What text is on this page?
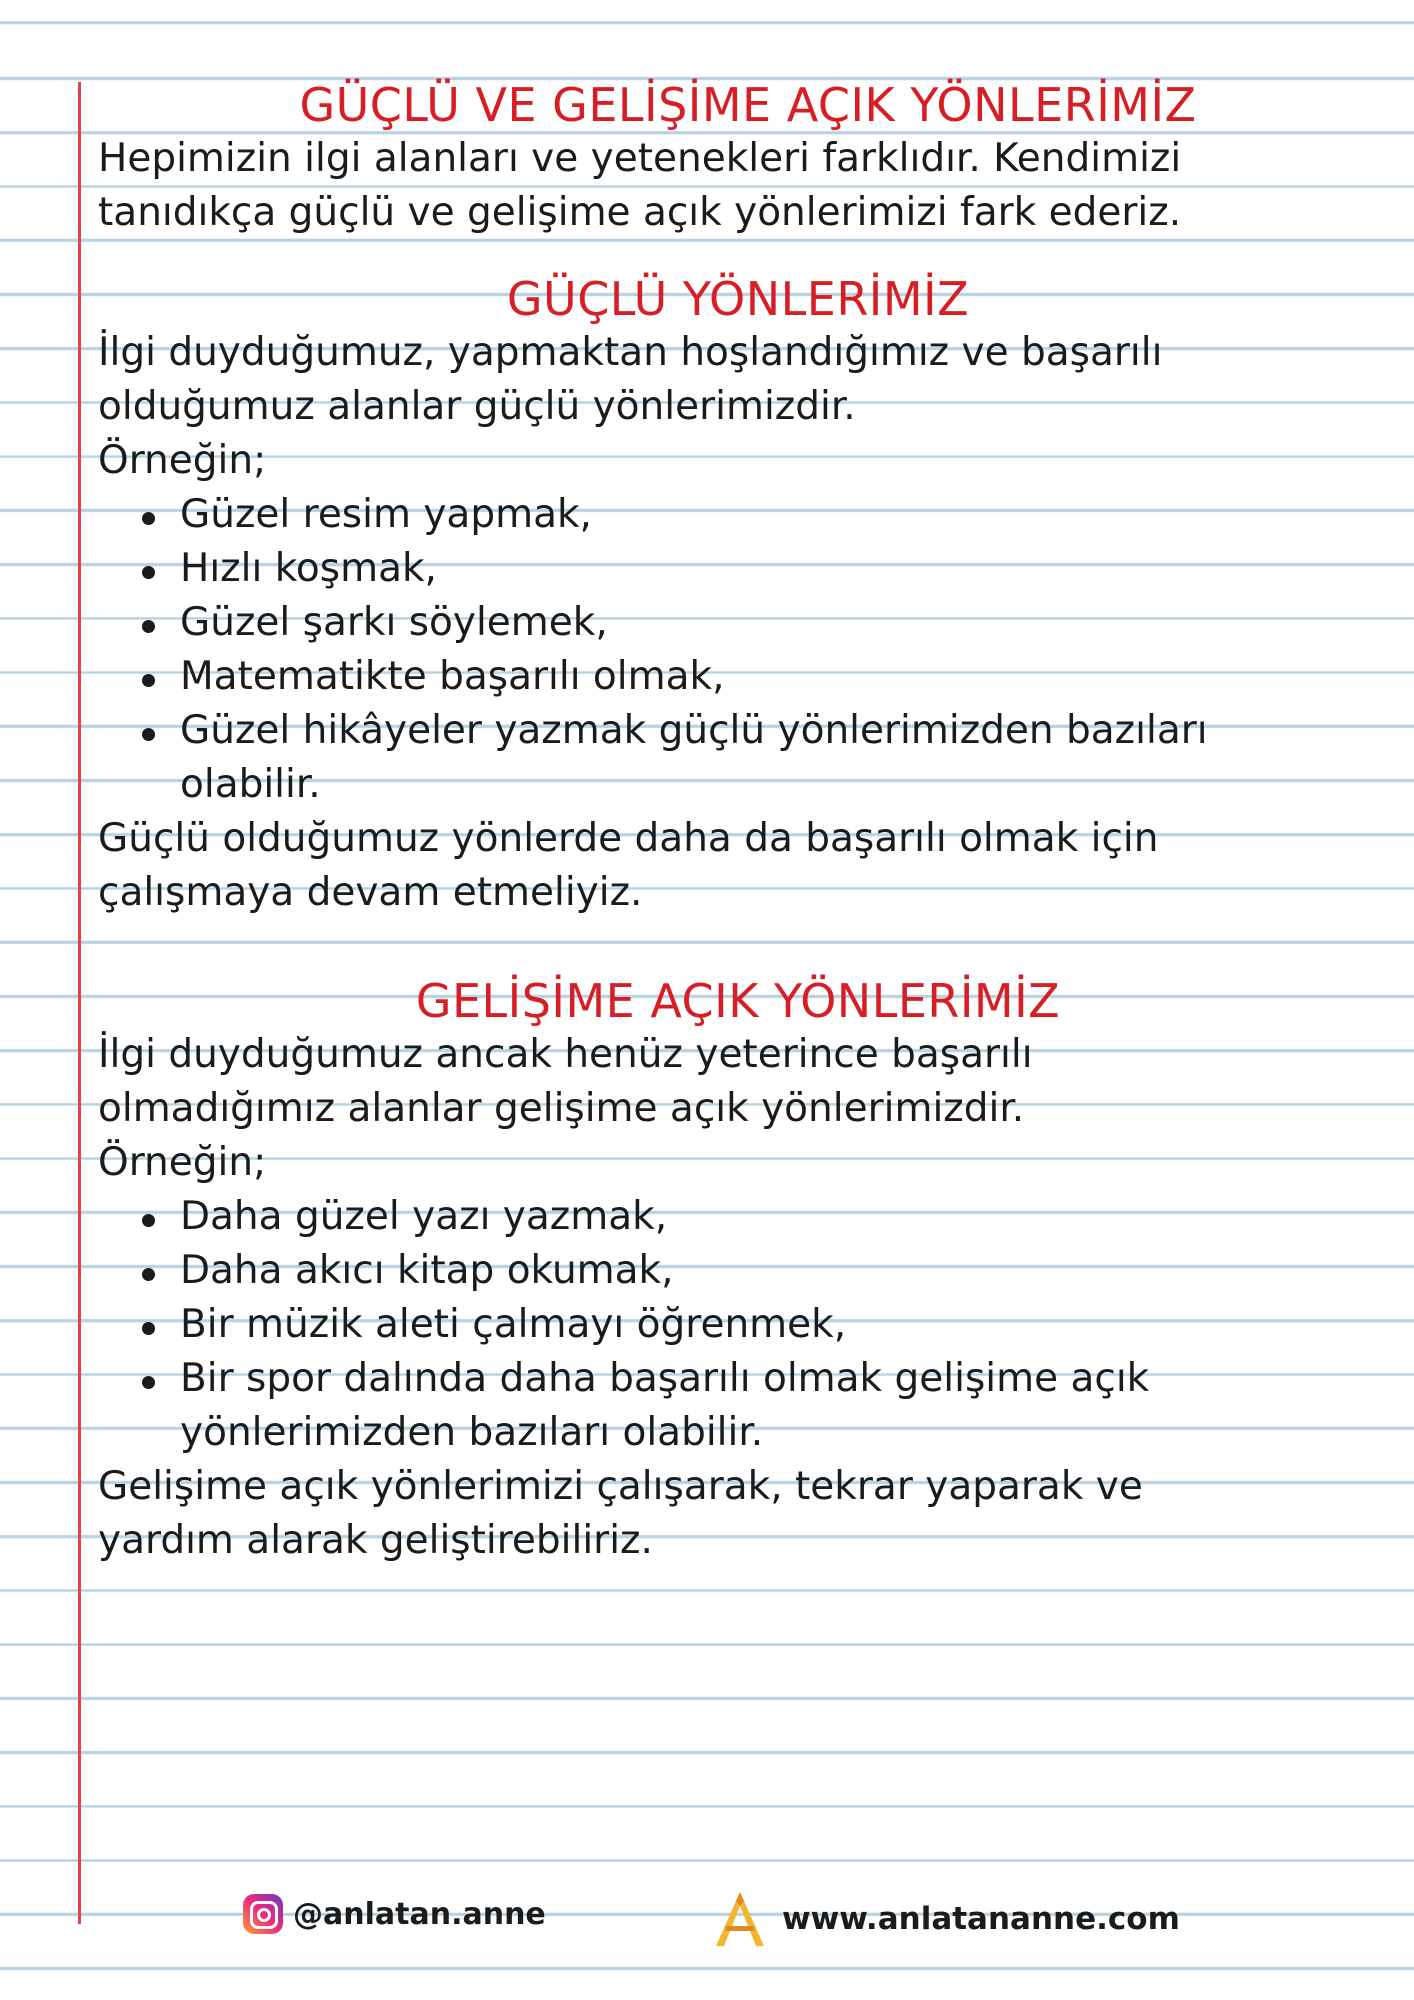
GÜÇLÜ VE GELİŞİME AÇIK YÖNLERİMİZ

Hepimizin ilgi alanları ve yetenekleri farklıdır. Kendimizi

tanıdıkça güçlü ve gelişime açık yönlerimizi fark ederiz.

GÜÇLÜ YÖNLERİMİZ

İlgi duyduğumuz, yapmaktan hoşlandığımız ve başarılı

olduğumuz alanlar güçlü yönlerimizdir.

Örneğin;

Güzel resim yapmak,
Hızlı koşmak,
Güzel şarkı söylemek,
Matematikte başarılı olmak,
Güzel hikâyeler yazmak güçlü yönlerimizden bazıları olabilir.

Güçlü olduğumuz yönlerde daha da başarılı olmak için

çalışmaya devam etmeliyiz.

GELİŞİME AÇIK YÖNLERİMİZ

İlgi duyduğumuz ancak henüz yeterince başarılı

olmadığımız alanlar gelişime açık yönlerimizdir.

Örneğin;

Daha güzel yazı yazmak,
Daha akıcı kitap okumak,
Bir müzik aleti çalmayı öğrenmek,
Bir spor dalında daha başarılı olmak gelişime açık yönlerimizden bazıları olabilir.

Gelişime açık yönlerimizi çalışarak, tekrar yaparak ve

yardım alarak geliştirebiliriz.

@anlatan.anne	www.anlatananne.com
